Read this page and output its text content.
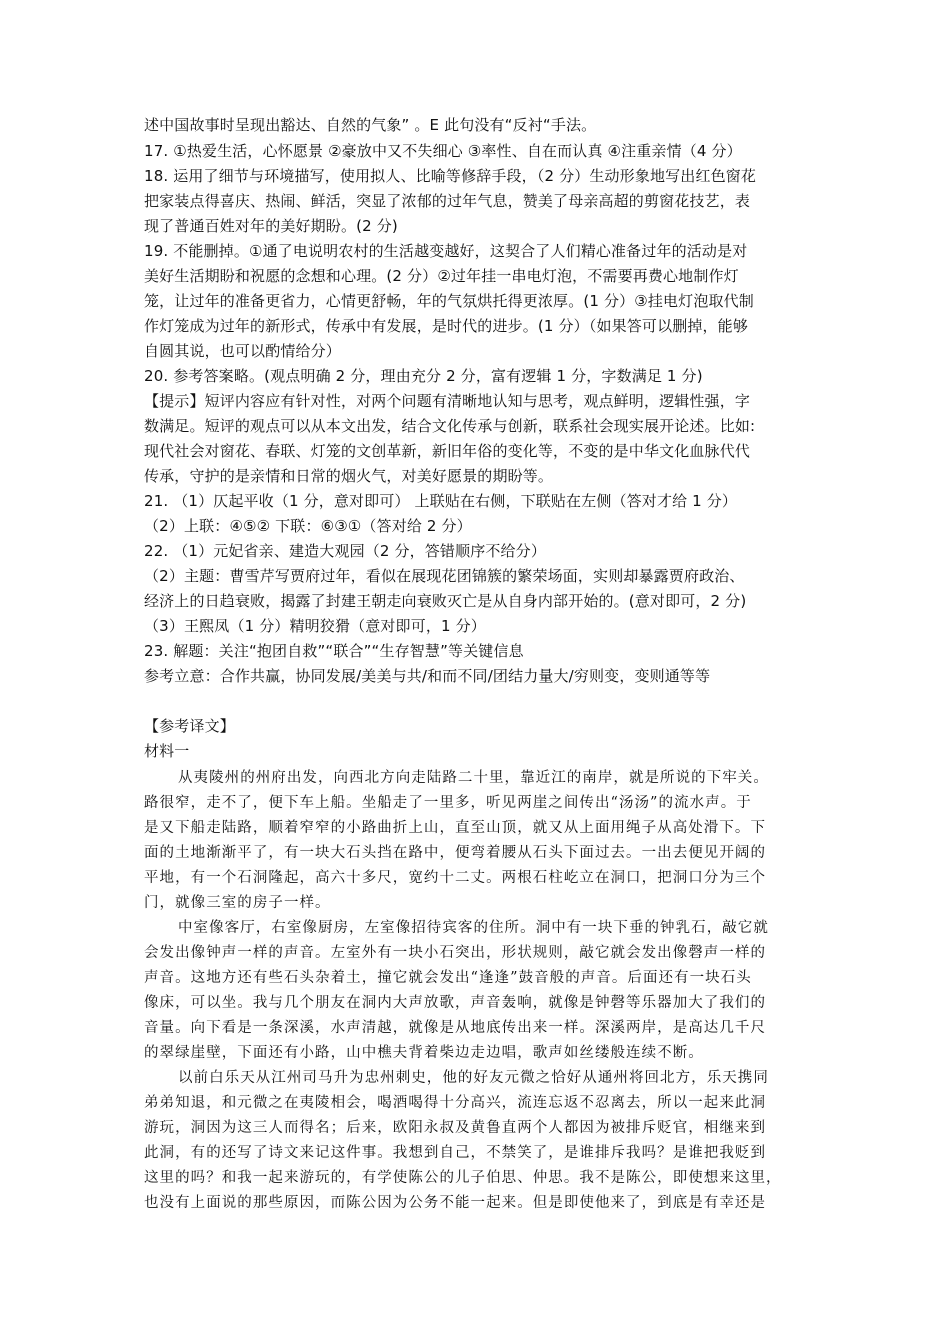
述中国故事时呈现出豁达、自然的气象” 。E 此句没有“反衬“手法。
17. ①热爱生活，心怀愿景 ②豪放中又不失细心 ③率性、自在而认真 ④注重亲情（4 分）
18. 运用了细节与环境描写，使用拟人、比喻等修辞手段，（2 分）生动形象地写出红色窗花
把家装点得喜庆、热闹、鲜活，突显了浓郁的过年气息，赞美了母亲高超的剪窗花技艺，表
现了普通百姓对年的美好期盼。(2 分)
19. 不能删掉。①通了电说明农村的生活越变越好，这契合了人们精心准备过年的活动是对
美好生活期盼和祝愿的念想和心理。(2 分）②过年挂一串电灯泡，不需要再费心地制作灯
笼，让过年的准备更省力，心情更舒畅，年的气氛烘托得更浓厚。(1 分）③挂电灯泡取代制
作灯笼成为过年的新形式，传承中有发展，是时代的进步。(1 分）（如果答可以删掉，能够
自圆其说，也可以酌情给分）
20. 参考答案略。(观点明确 2 分，理由充分 2 分，富有逻辑 1 分，字数满足 1 分)
【提示】短评内容应有针对性，对两个问题有清晰地认知与思考，观点鲜明，逻辑性强，字
数满足。短评的观点可以从本文出发，结合文化传承与创新，联系社会现实展开论述。比如:
现代社会对窗花、春联、灯笼的文创革新，新旧年俗的变化等，不变的是中华文化血脉代代
传承，守护的是亲情和日常的烟火气，对美好愿景的期盼等。
21. （1）仄起平收（1 分，意对即可） 上联贴在右侧，下联贴在左侧（答对才给 1 分）
（2）上联：④⑤② 下联：⑥③①（答对给 2 分）
22. （1）元妃省亲、建造大观园（2 分，答错顺序不给分）
（2）主题：曹雪芹写贾府过年，看似在展现花团锦簇的繁荣场面，实则却暴露贾府政治、
经济上的日趋衰败，揭露了封建王朝走向衰败灭亡是从自身内部开始的。(意对即可，2 分)
（3）王熙凤（1 分）精明狡猾（意对即可，1 分）
23. 解题：关注“抱团自救”“联合”“生存智慧”等关键信息
参考立意：合作共赢，协同发展/美美与共/和而不同/团结力量大/穷则变，变则通等等
【参考译文】
材料一
从夷陵州的州府出发，向西北方向走陆路二十里，靠近江的南岸，就是所说的下牢关。
路很窄，走不了，便下车上船。坐船走了一里多，听见两崖之间传出“汤汤”的流水声。于
是又下船走陆路，顺着窄窄的小路曲折上山，直至山顶，就又从上面用绳子从高处滑下。下
面的土地渐渐平了，有一块大石头挡在路中，便弯着腰从石头下面过去。一出去便见开阔的
平地，有一个石洞隆起，高六十多尺，宽约十二丈。两根石柱屹立在洞口，把洞口分为三个
门，就像三室的房子一样。
中室像客厅，右室像厨房，左室像招待宾客的住所。洞中有一块下垂的钟乳石，敲它就
会发出像钟声一样的声音。左室外有一块小石突出，形状规则，敲它就会发出像磬声一样的
声音。这地方还有些石头杂着土，撞它就会发出“逢逢”鼓音般的声音。后面还有一块石头
像床，可以坐。我与几个朋友在洞内大声放歌，声音轰响，就像是钟磬等乐器加大了我们的
音量。向下看是一条深溪，水声清越，就像是从地底传出来一样。深溪两岸，是高达几千尺
的翠绿崖壁，下面还有小路，山中樵夫背着柴边走边唱，歌声如丝缕般连续不断。
以前白乐天从江州司马升为忠州刺史，他的好友元微之恰好从通州将回北方，乐天携同
弟弟知退，和元微之在夷陵相会，喝酒喝得十分高兴，流连忘返不忍离去，所以一起来此洞
游玩，洞因为这三人而得名；后来，欧阳永叔及黄鲁直两个人都因为被排斥贬官，相继来到
此洞，有的还写了诗文来记这件事。我想到自己，不禁笑了，是谁排斥我吗？是谁把我贬到
这里的吗？和我一起来游玩的，有学使陈公的儿子伯思、仲思。我不是陈公，即使想来这里，
也没有上面说的那些原因，而陈公因为公务不能一起来。但是即使他来了，到底是有幸还是
